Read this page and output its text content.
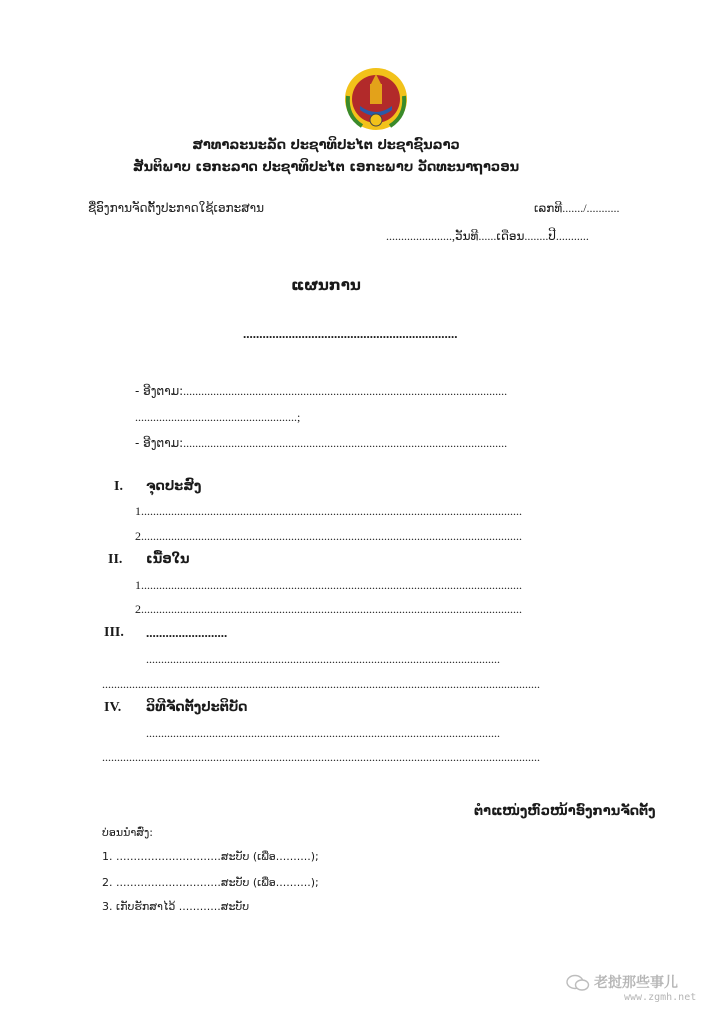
ສາທາລະນະລັດ ປະຊາທິປະໄຕ ປະຊາຊົນລາວ
ສັນຕິພາບ ເອກະລາດ ປະຊາທິປະໄຕ ເອກະພາບ ວັດທະນາຖາວອນ
ຊື່ອົງການຈັດຕັ້ງປະກາດໃຊ້ເອກະສານ	ເລກທີ......./...........
......................,ວັນທີ......ເດືອນ........ປີ...........
ແຜນການ
..................................................................
- ອີງຕາມ:............................................................................................................
......................................................;
- ອີງຕາມ:............................................................................................................
I. ຈຸດປະສົງ
1...............................................................................................................................
2...............................................................................................................................
II. ເນື້ອໃນ
1...............................................................................................................................
2...............................................................................................................................
III. .........................
......................................................................................................................
..................................................................................................................................................
IV. ວິທີຈັດຕັ້ງປະຕິບັດ
......................................................................................................................
..................................................................................................................................................
ຕໍາແໜ່ງຫົວໜ້າອົງການຈັດຕັ້ງ
ບ່ອນນໍາສົ່ງ:
1. ..............................ສະບັບ (ເພື່ອ..........);
2. ..............................ສະບັບ (ເພື່ອ..........);
3. ເກັບຮັກສາໄວ້ ............ສະບັບ
老挝那些事儿
www.zgmh.net
